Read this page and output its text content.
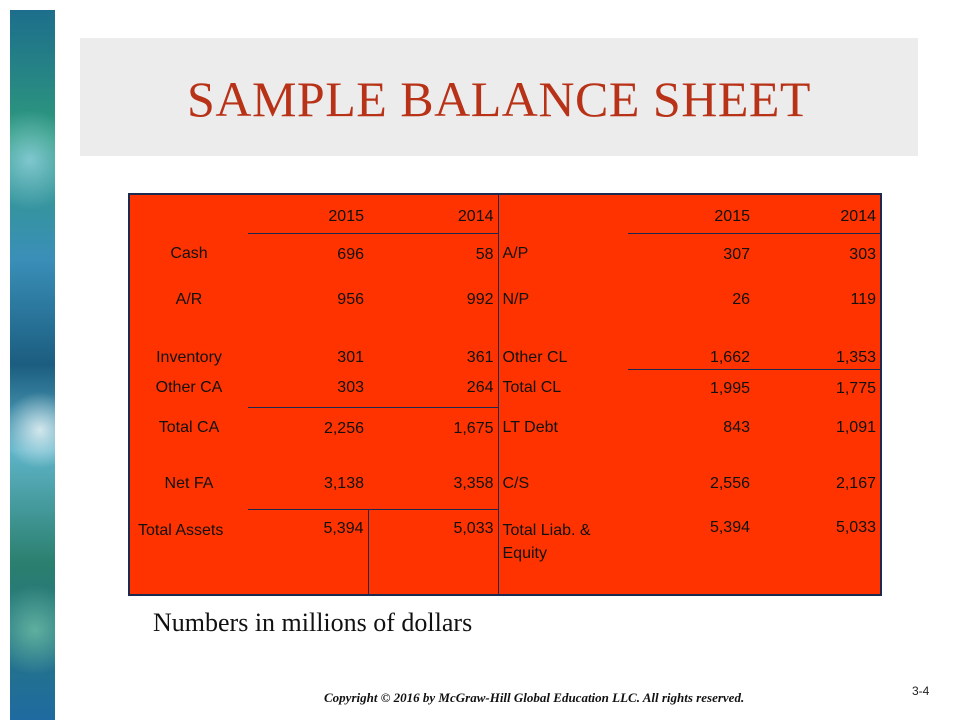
SAMPLE BALANCE SHEET
	2015	2014		2015	2014
Cash	696	58	A/P	307	303
A/R	956	992	N/P	26	119
Inventory	301	361	Other CL	1,662	1,353
Other CA	303	264	Total CL	1,995	1,775
Total CA	2,256	1,675	LT Debt	843	1,091
Net FA	3,138	3,358	C/S	2,556	2,167
Total Assets	5,394	5,033	Total Liab. & Equity	5,394	5,033
Numbers in millions of dollars
Copyright © 2016 by McGraw-Hill Global Education LLC. All rights reserved.	3-4
